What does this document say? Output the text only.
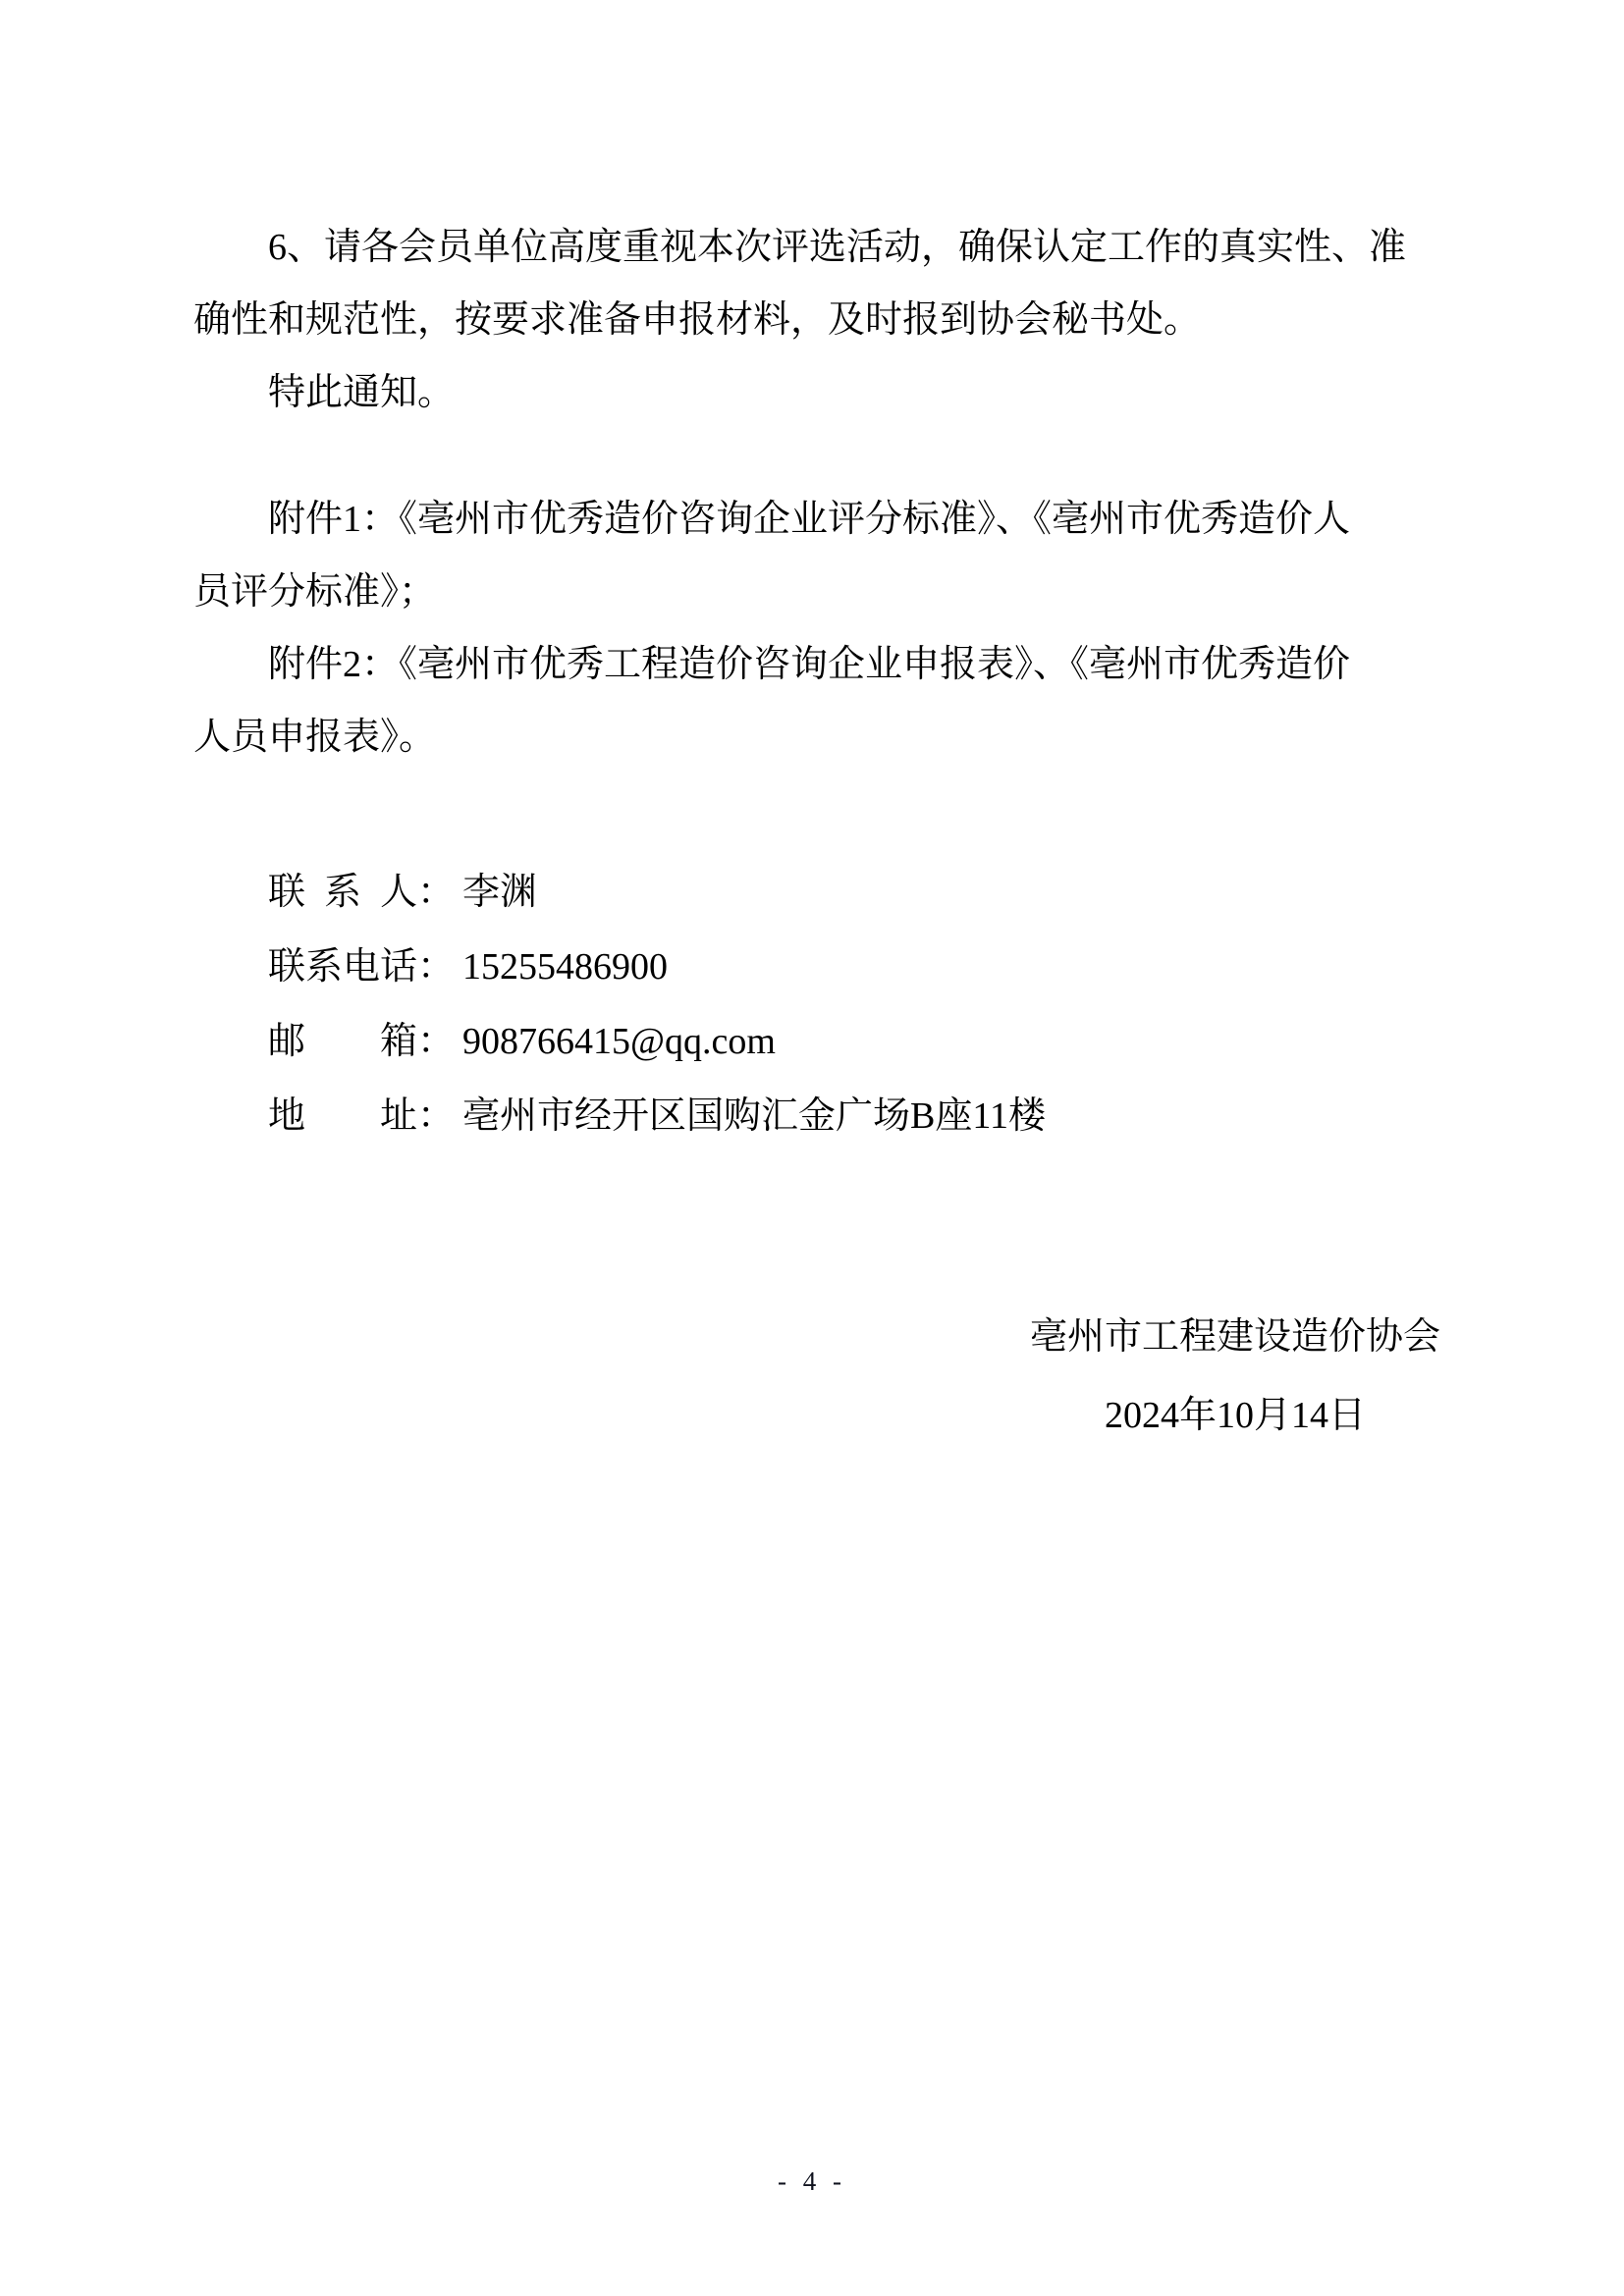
6、请各会员单位高度重视本次评选活动，确保认定工作的真实性、准
确性和规范性，按要求准备申报材料，及时报到协会秘书处。
特此通知。
附件1：《亳州市优秀造价咨询企业评分标准》、《亳州市优秀造价人
员评分标准》；
附件2：《亳州市优秀工程造价咨询企业申报表》、《亳州市优秀造价
人员申报表》。
联 系 人 ： 李渊
联 系 电 话 ： 15255486900
邮 箱 ： 908766415@qq.com
地 址 ： 亳州市经开区国购汇金广场B座11楼
亳州市工程建设造价协会
2024年10月14日
- 4 -
